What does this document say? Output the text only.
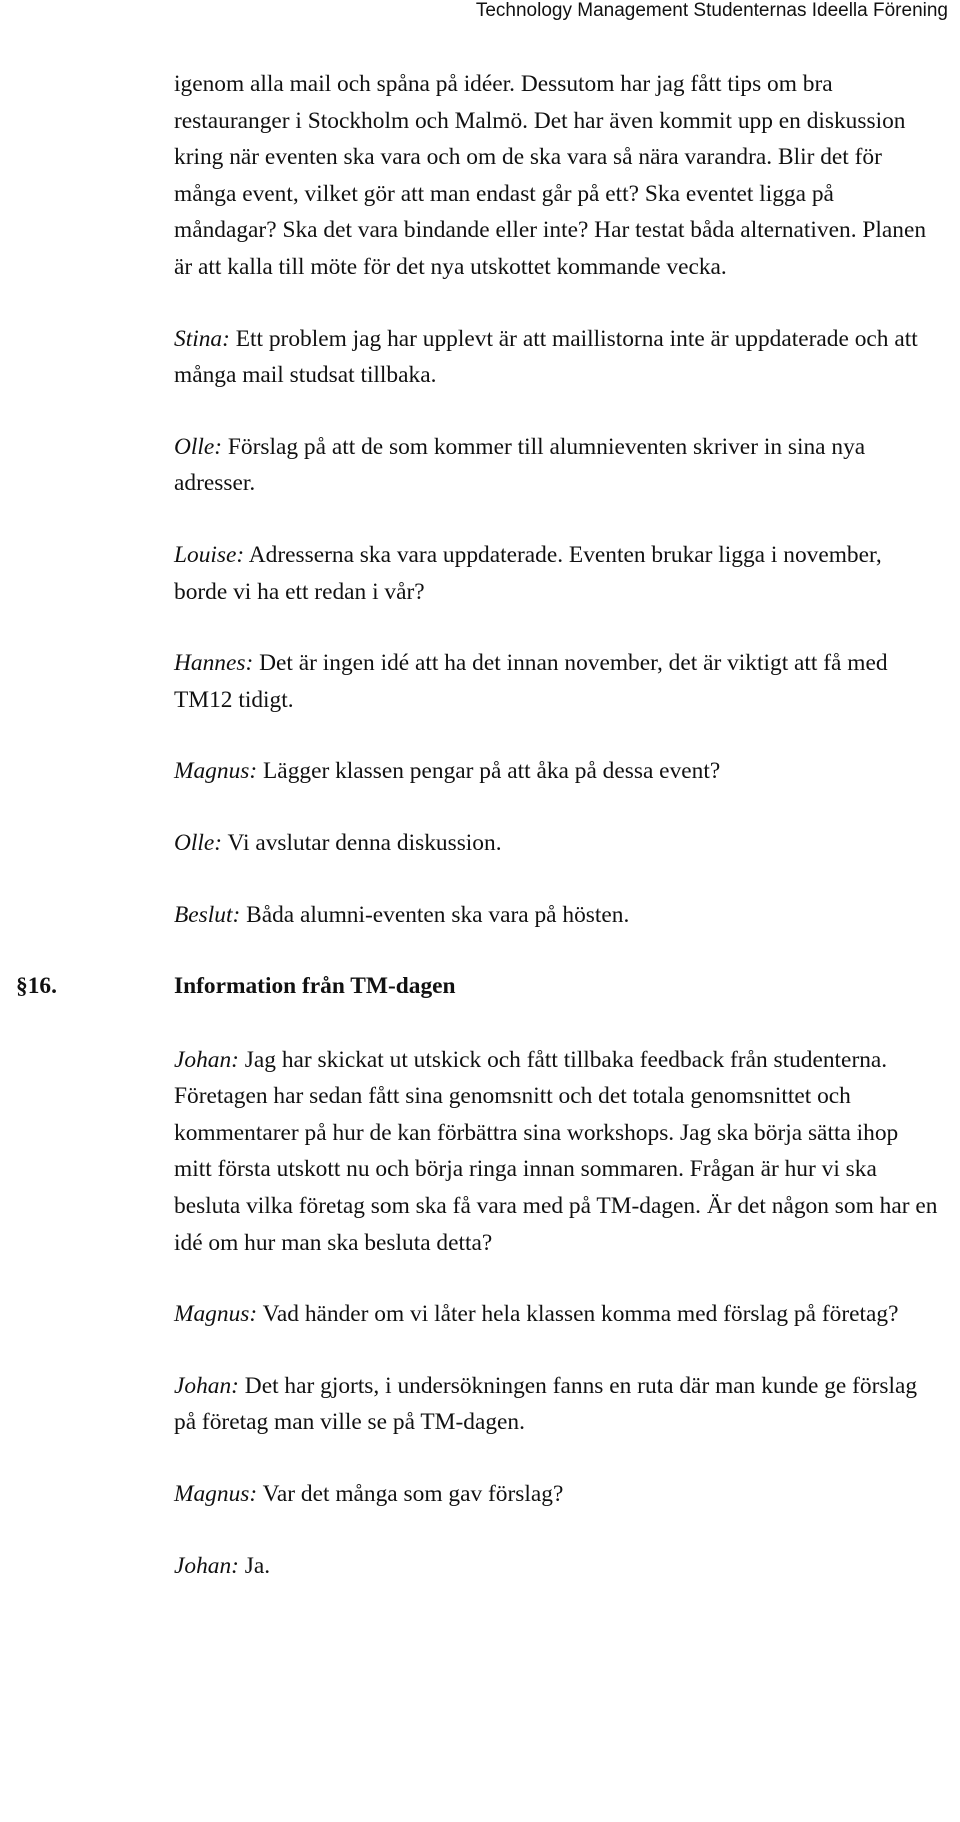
Technology Management Studenternas Ideella Förening

igenom alla mail och spåna på idéer. Dessutom har jag fått tips om bra restauranger i Stockholm och Malmö. Det har även kommit upp en diskussion kring när eventen ska vara och om de ska vara så nära varandra. Blir det för många event, vilket gör att man endast går på ett? Ska eventet ligga på måndagar? Ska det vara bindande eller inte? Har testat båda alternativen. Planen är att kalla till möte för det nya utskottet kommande vecka.

Stina: Ett problem jag har upplevt är att maillistorna inte är uppdaterade och att många mail studsat tillbaka.

Olle: Förslag på att de som kommer till alumnieventen skriver in sina nya adresser.

Louise: Adresserna ska vara uppdaterade. Eventen brukar ligga i november, borde vi ha ett redan i vår?

Hannes: Det är ingen idé att ha det innan november, det är viktigt att få med TM12 tidigt.

Magnus: Lägger klassen pengar på att åka på dessa event?

Olle: Vi avslutar denna diskussion.

Beslut: Båda alumni-eventen ska vara på hösten.

§16.	Information från TM-dagen

Johan: Jag har skickat ut utskick och fått tillbaka feedback från studenterna. Företagen har sedan fått sina genomsnitt och det totala genomsnittet och kommentarer på hur de kan förbättra sina workshops. Jag ska börja sätta ihop mitt första utskott nu och börja ringa innan sommaren. Frågan är hur vi ska besluta vilka företag som ska få vara med på TM-dagen. Är det någon som har en idé om hur man ska besluta detta?

Magnus: Vad händer om vi låter hela klassen komma med förslag på företag?

Johan: Det har gjorts, i undersökningen fanns en ruta där man kunde ge förslag på företag man ville se på TM-dagen.

Magnus: Var det många som gav förslag?

Johan: Ja.
